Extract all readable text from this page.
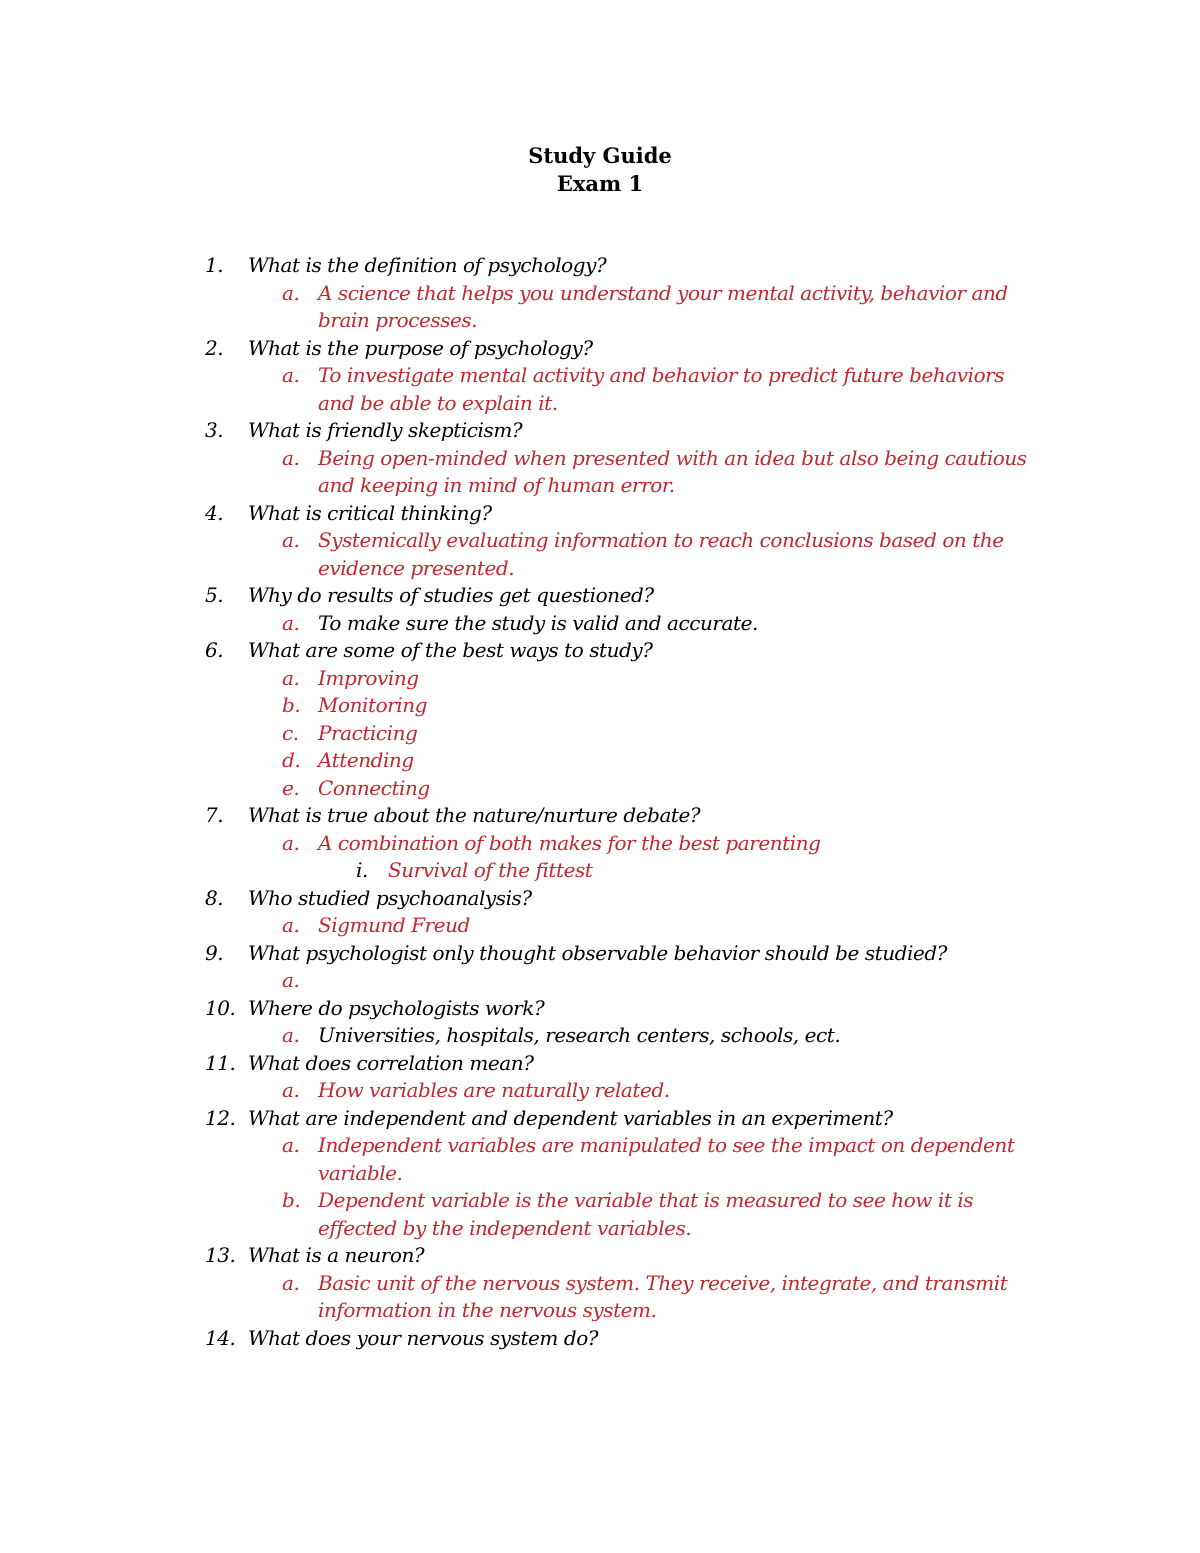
Study Guide
Exam 1
1.	What is the definition of psychology?
a. A science that helps you understand your mental activity, behavior and brain processes.
2.	What is the purpose of psychology?
a. To investigate mental activity and behavior to predict future behaviors and be able to explain it.
3.	What is friendly skepticism?
a. Being open-minded when presented with an idea but also being cautious and keeping in mind of human error.
4.	What is critical thinking?
a. Systemically evaluating information to reach conclusions based on the evidence presented.
5.	Why do results of studies get questioned?
a. To make sure the study is valid and accurate.
6.	What are some of the best ways to study?
a. Improving
b. Monitoring
c. Practicing
d. Attending
e. Connecting
7.	What is true about the nature/nurture debate?
a. A combination of both makes for the best parenting
i. Survival of the fittest
8.	Who studied psychoanalysis?
a. Sigmund Freud
9.	What psychologist only thought observable behavior should be studied?
a.
10. Where do psychologists work?
a. Universities, hospitals, research centers, schools, ect.
11. What does correlation mean?
a. How variables are naturally related.
12. What are independent and dependent variables in an experiment?
a. Independent variables are manipulated to see the impact on dependent variable.
b. Dependent variable is the variable that is measured to see how it is effected by the independent variables.
13. What is a neuron?
a. Basic unit of the nervous system. They receive, integrate, and transmit information in the nervous system.
14. What does your nervous system do?
